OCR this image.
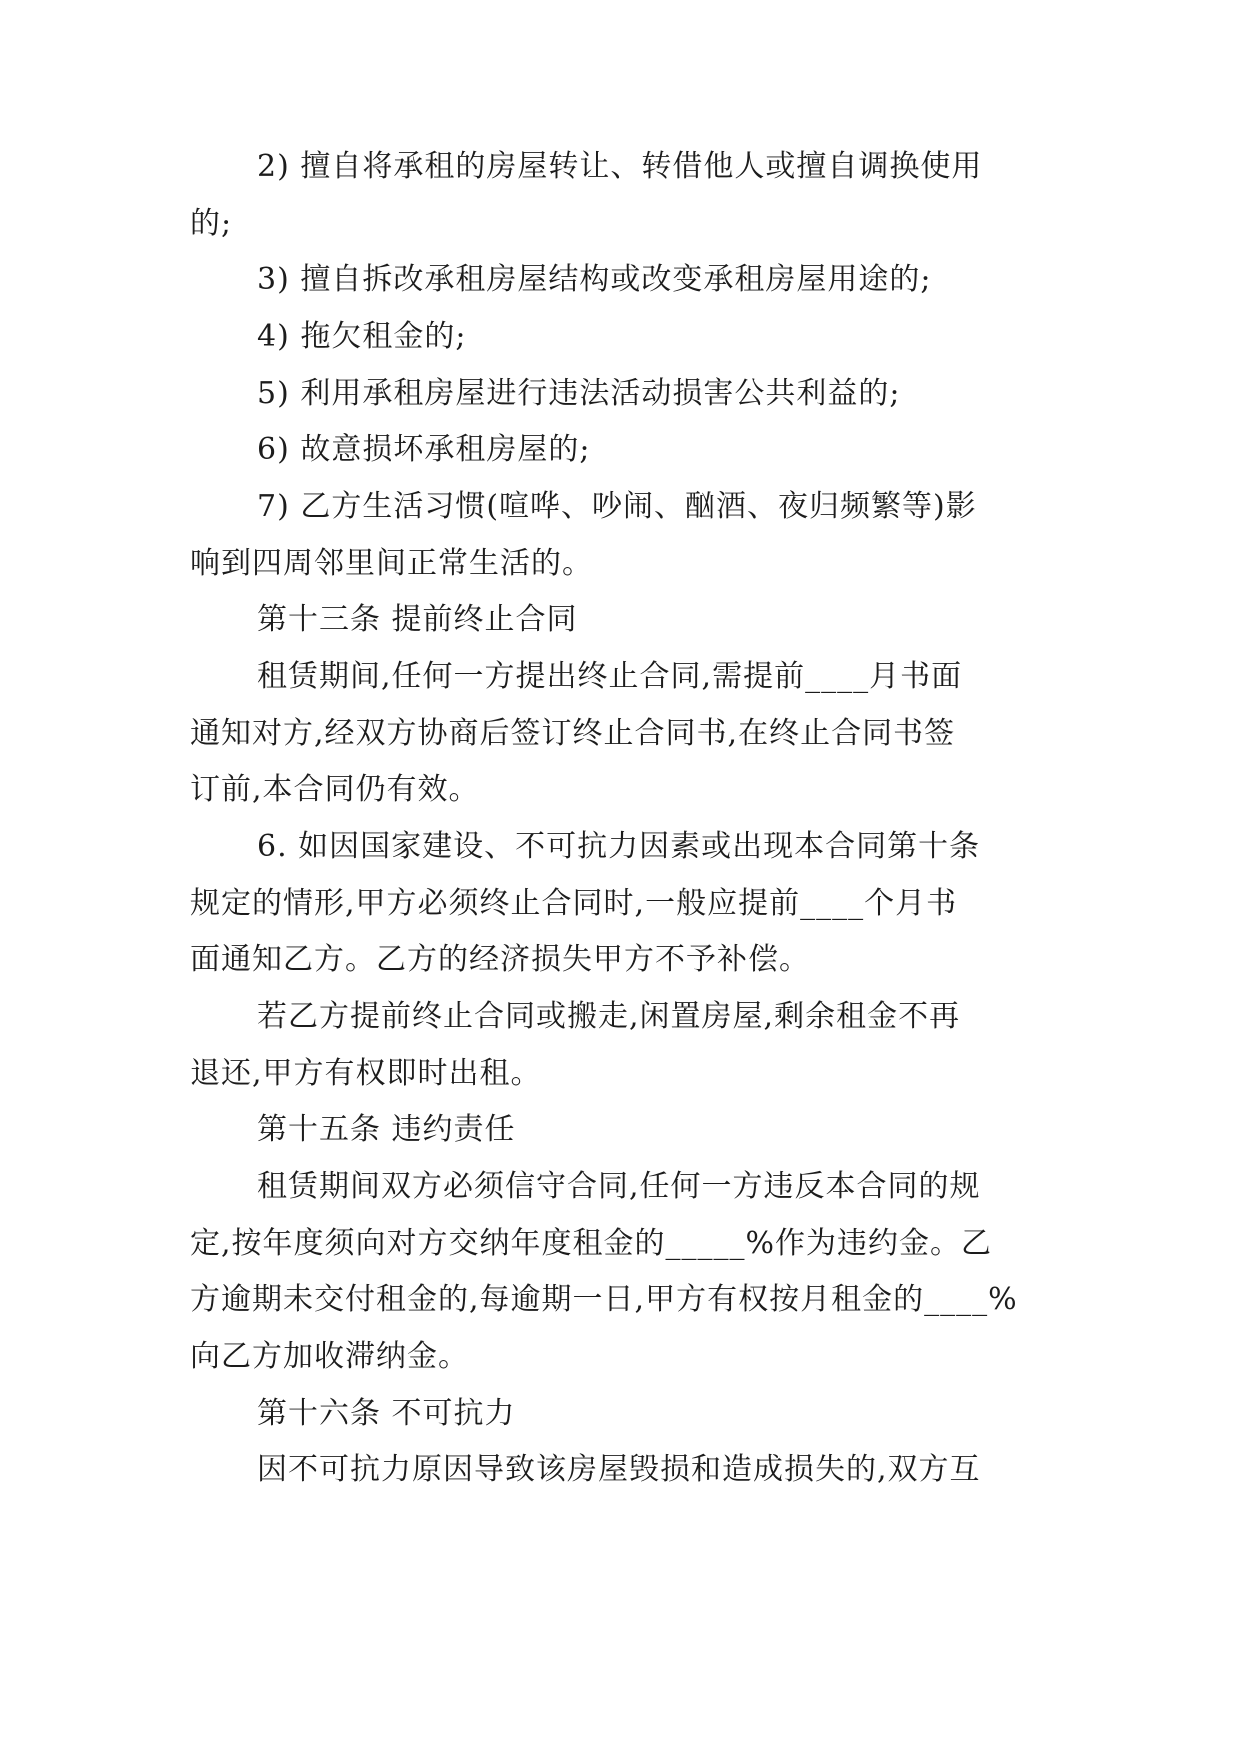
2) 擅自将承租的房屋转让、转借他人或擅自调换使用
的;
3) 擅自拆改承租房屋结构或改变承租房屋用途的;
4) 拖欠租金的;
5) 利用承租房屋进行违法活动损害公共利益的;
6) 故意损坏承租房屋的;
7) 乙方生活习惯(喧哗、吵闹、酗酒、夜归频繁等)影
响到四周邻里间正常生活的。
第十三条 提前终止合同
租赁期间,任何一方提出终止合同,需提前____月书面
通知对方,经双方协商后签订终止合同书,在终止合同书签
订前,本合同仍有效。
6. 如因国家建设、不可抗力因素或出现本合同第十条
规定的情形,甲方必须终止合同时,一般应提前____个月书
面通知乙方。乙方的经济损失甲方不予补偿。
若乙方提前终止合同或搬走,闲置房屋,剩余租金不再
退还,甲方有权即时出租。
第十五条 违约责任
租赁期间双方必须信守合同,任何一方违反本合同的规
定,按年度须向对方交纳年度租金的_____%作为违约金。乙
方逾期未交付租金的,每逾期一日,甲方有权按月租金的____%
向乙方加收滞纳金。
第十六条 不可抗力
因不可抗力原因导致该房屋毁损和造成损失的,双方互
